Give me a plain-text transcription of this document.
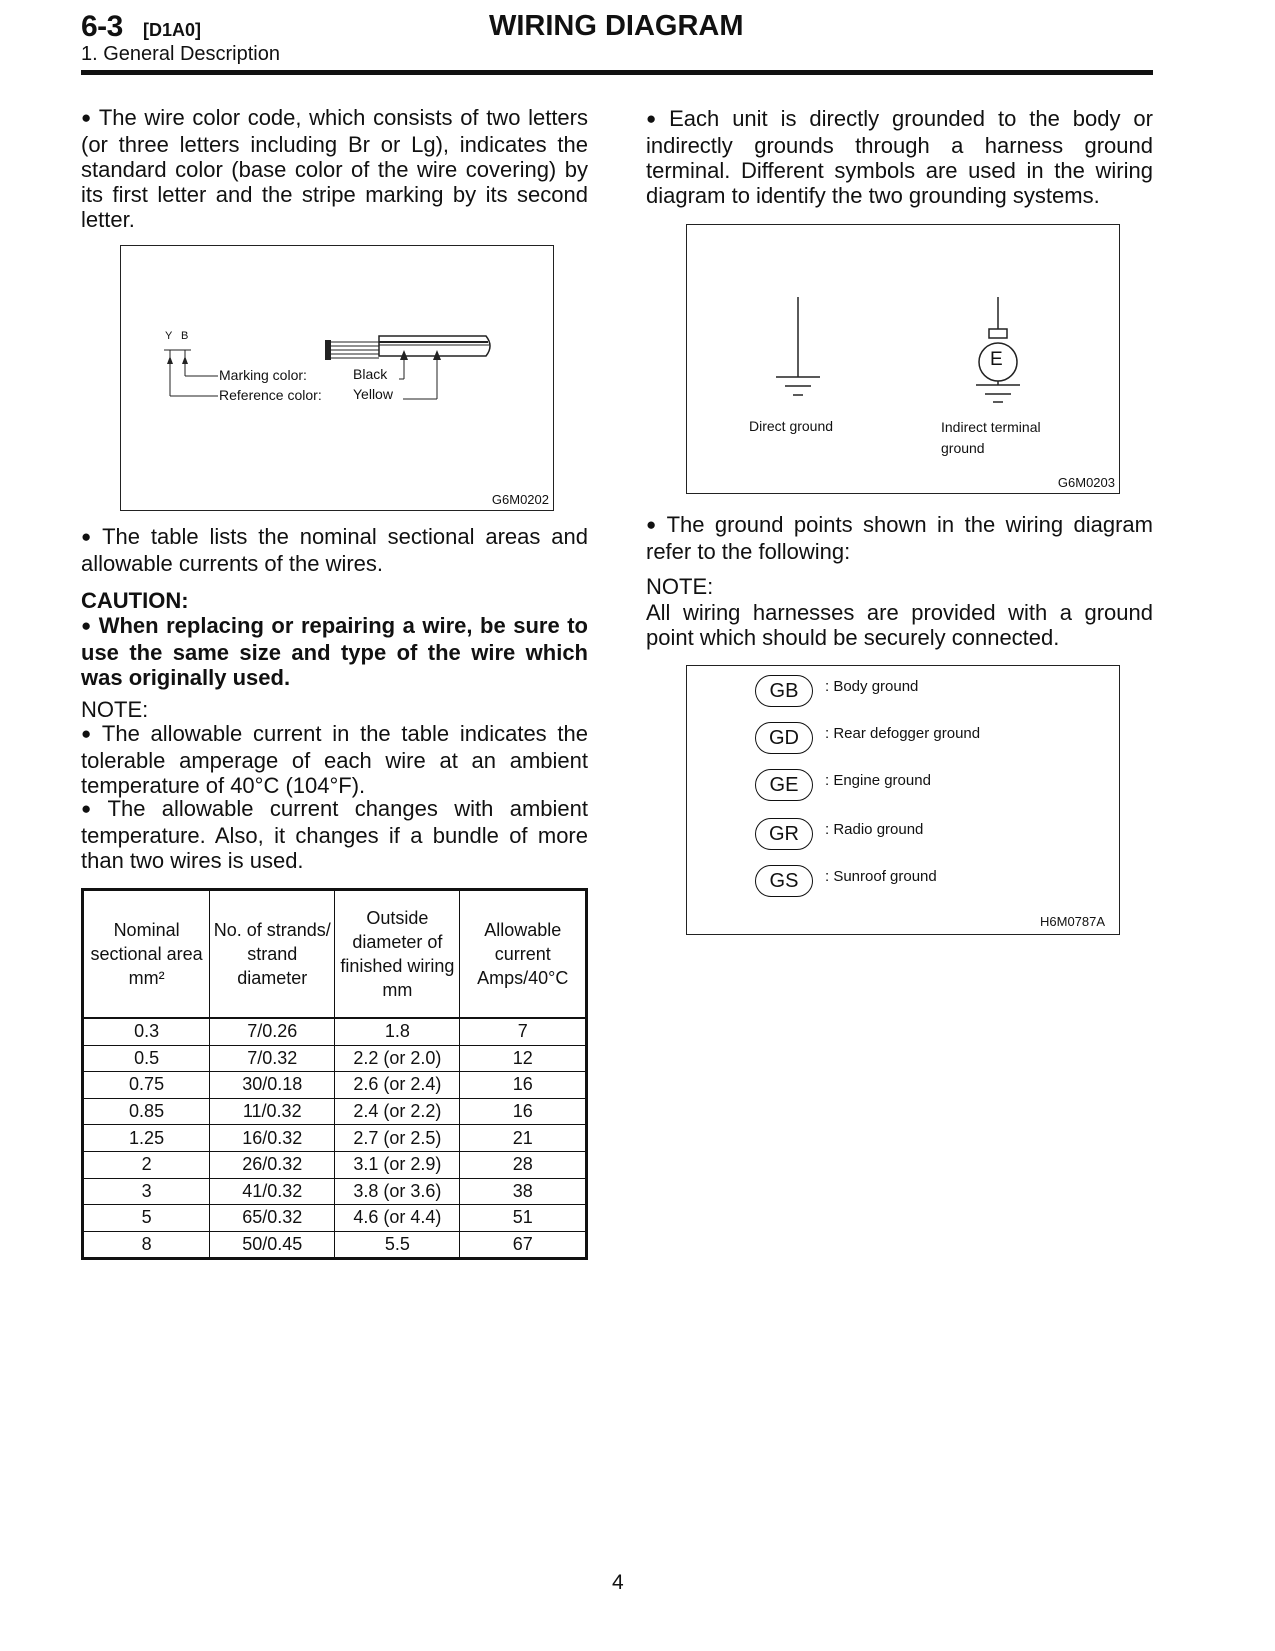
6-3 [D1A0]	WIRING DIAGRAM
1. General Description
● The wire color code, which consists of two letters (or three letters including Br or Lg), indicates the standard color (base color of the wire covering) by its first letter and the stripe marking by its second letter.
Y B
Marking color:	Black
Reference color: Yellow
G6M0202
● The table lists the nominal sectional areas and allowable currents of the wires.
CAUTION:
● When replacing or repairing a wire, be sure to use the same size and type of the wire which was originally used.
NOTE:
● The allowable current in the table indicates the tolerable amperage of each wire at an ambient temperature of 40°C (104°F).
● The allowable current changes with ambient temperature. Also, it changes if a bundle of more than two wires is used.
Nominal sectional area mm²	No. of strands/ strand diameter	Outside diameter of finished wiring mm	Allowable current Amps/40°C
0.3	7/0.26	1.8	7
0.5	7/0.32	2.2 (or 2.0)	12
0.75	30/0.18	2.6 (or 2.4)	16
0.85	11/0.32	2.4 (or 2.2)	16
1.25	16/0.32	2.7 (or 2.5)	21
2	26/0.32	3.1 (or 2.9)	28
3	41/0.32	3.8 (or 3.6)	38
5	65/0.32	4.6 (or 4.4)	51
8	50/0.45	5.5	67
● Each unit is directly grounded to the body or indirectly grounds through a harness ground terminal. Different symbols are used in the wiring diagram to identify the two grounding systems.
E
Direct ground	Indirect terminal
ground
G6M0203
● The ground points shown in the wiring diagram refer to the following:
NOTE:
All wiring harnesses are provided with a ground point which should be securely connected.
GB	: Body ground
GD	: Rear defogger ground
GE	: Engine ground
GR	: Radio ground
GS	: Sunroof ground
H6M0787A
4
